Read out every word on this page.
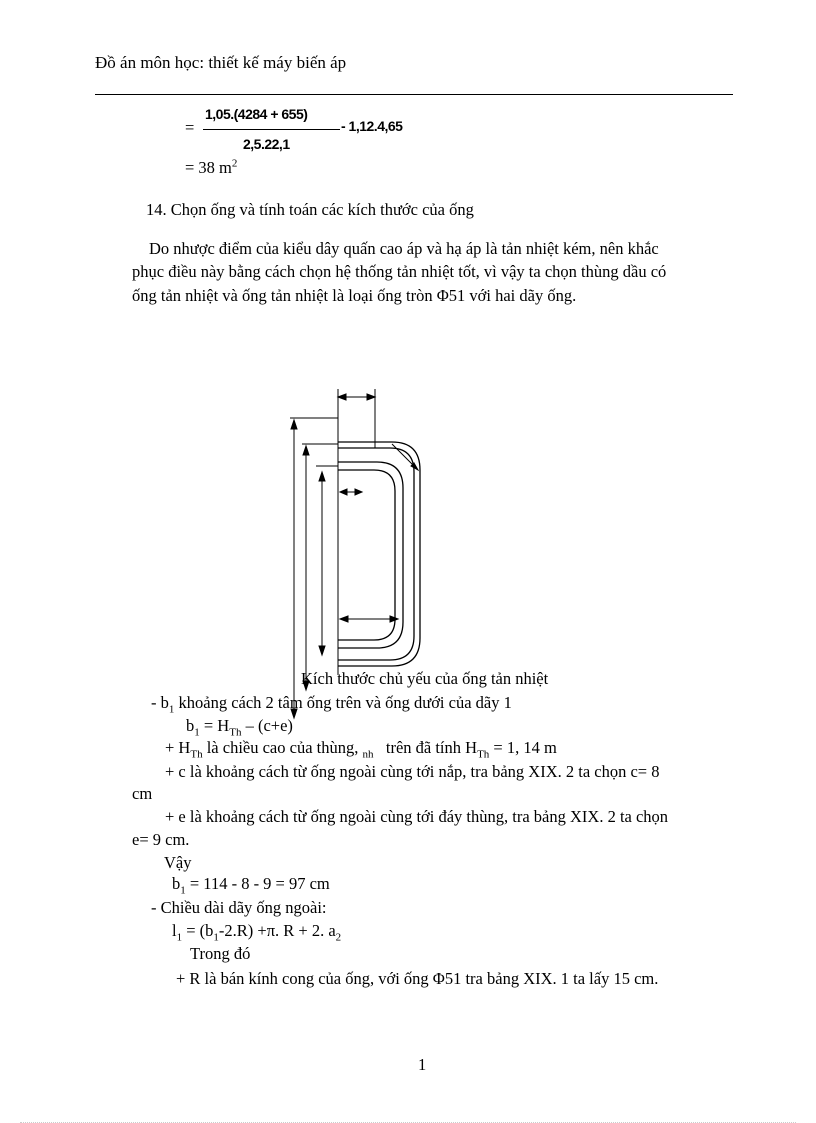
Đồ án môn học: thiết kế máy biến áp
=
1,05.(4284 + 655)
2,5.22,1
- 1,12.4,65
= 38 $m^2$
14. Chọn ống và tính toán các kích thước của ống
Do nhược điểm của kiểu dây quấn cao áp và hạ áp là tản nhiệt kém, nên khắc
phục điều này bằng cách chọn hệ thống tản nhiệt tốt, vì vậy ta chọn thùng dầu có
ống tản nhiệt và ống tản nhiệt là loại ống tròn Φ51 với hai dãy ống.
Kích thước chủ yếu của ống tản nhiệt
- $b_1$ khoảng cách 2 tâm ống trên và ống dưới của dãy 1
$b_1 = H_{Th} - (c+e)$
+ $H_{Th}$ là chiều cao của thùng, $_{nh}$ trên đã tính $H_{Th} = 1$, 14 m
+ c là khoảng cách từ ống ngoài cùng tới nắp, tra bảng XIX. 2 ta chọn c= 8
cm
+ e là khoảng cách từ ống ngoài cùng tới đáy thùng, tra bảng XIX. 2 ta chọn
e= 9 cm.
Vậy
$b_1 = 114 - 8 - 9 = 97$ cm
- Chiều dài dãy ống ngoài:
$l_1 = (b_1-2.R) +\pi$. R + 2. $a_2$
Trong đó
+ R là bán kính cong của ống, với ống Φ51 tra bảng XIX. 1 ta lấy 15 cm.
1
